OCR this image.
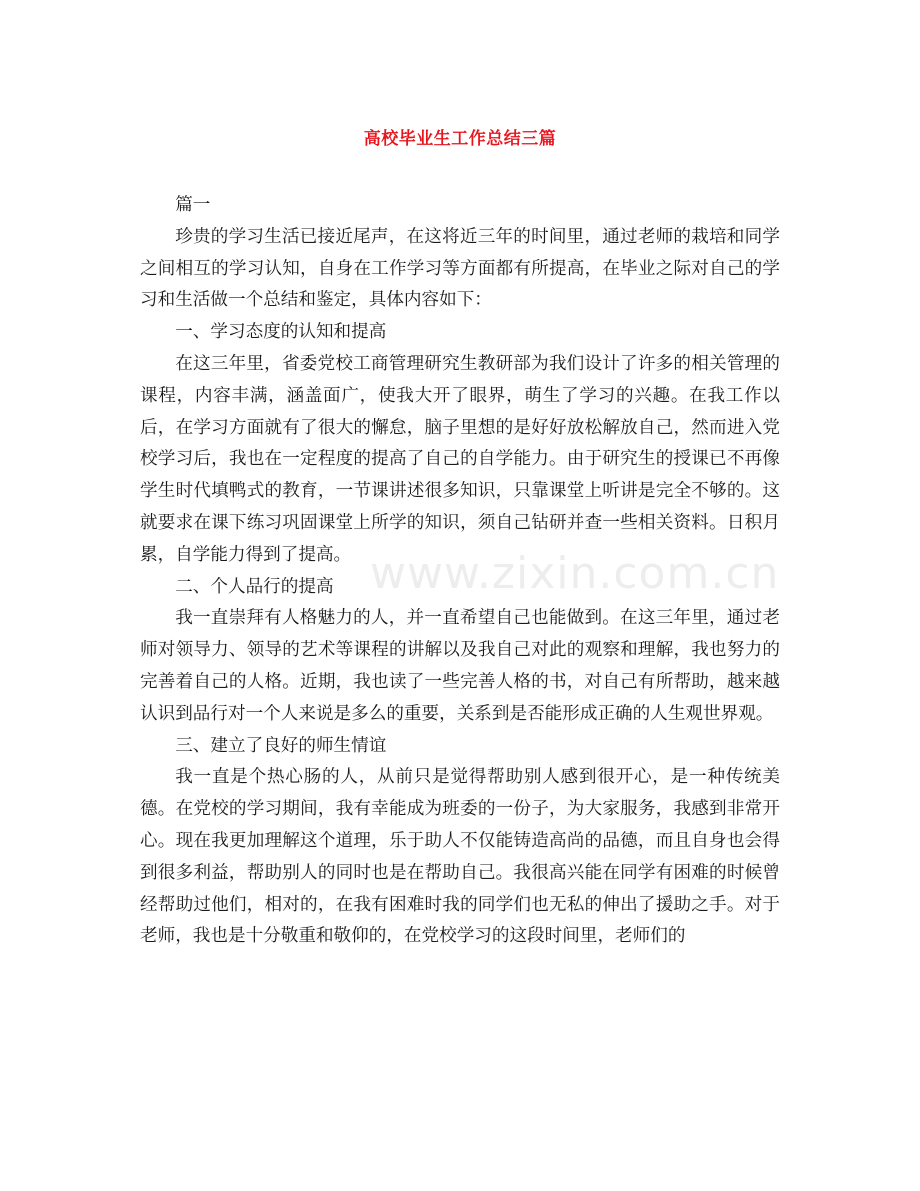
高校毕业生工作总结三篇

篇一

珍贵的学习生活已接近尾声，在这将近三年的时间里，通过老师的栽培和同学之间相互的学习认知，自身在工作学习等方面都有所提高，在毕业之际对自己的学习和生活做一个总结和鉴定，具体内容如下：

一、学习态度的认知和提高

在这三年里，省委党校工商管理研究生教研部为我们设计了许多的相关管理的课程，内容丰满，涵盖面广，使我大开了眼界，萌生了学习的兴趣。在我工作以后，在学习方面就有了很大的懈怠，脑子里想的是好好放松解放自己，然而进入党校学习后，我也在一定程度的提高了自己的自学能力。由于研究生的授课已不再像学生时代填鸭式的教育，一节课讲述很多知识，只靠课堂上听讲是完全不够的。这就要求在课下练习巩固课堂上所学的知识，须自己钻研并查一些相关资料。日积月累，自学能力得到了提高。

二、个人品行的提高

我一直崇拜有人格魅力的人，并一直希望自己也能做到。在这三年里，通过老师对领导力、领导的艺术等课程的讲解以及我自己对此的观察和理解，我也努力的完善着自己的人格。近期，我也读了一些完善人格的书，对自己有所帮助，越来越认识到品行对一个人来说是多么的重要，关系到是否能形成正确的人生观世界观。

三、建立了良好的师生情谊

我一直是个热心肠的人，从前只是觉得帮助别人感到很开心，是一种传统美德。在党校的学习期间，我有幸能成为班委的一份子，为大家服务，我感到非常开心。现在我更加理解这个道理，乐于助人不仅能铸造高尚的品德，而且自身也会得到很多利益，帮助别人的同时也是在帮助自己。我很高兴能在同学有困难的时候曾经帮助过他们，相对的，在我有困难时我的同学们也无私的伸出了援助之手。对于老师，我也是十分敬重和敬仰的，在党校学习的这段时间里，老师们的

www.zixin.com.cn
